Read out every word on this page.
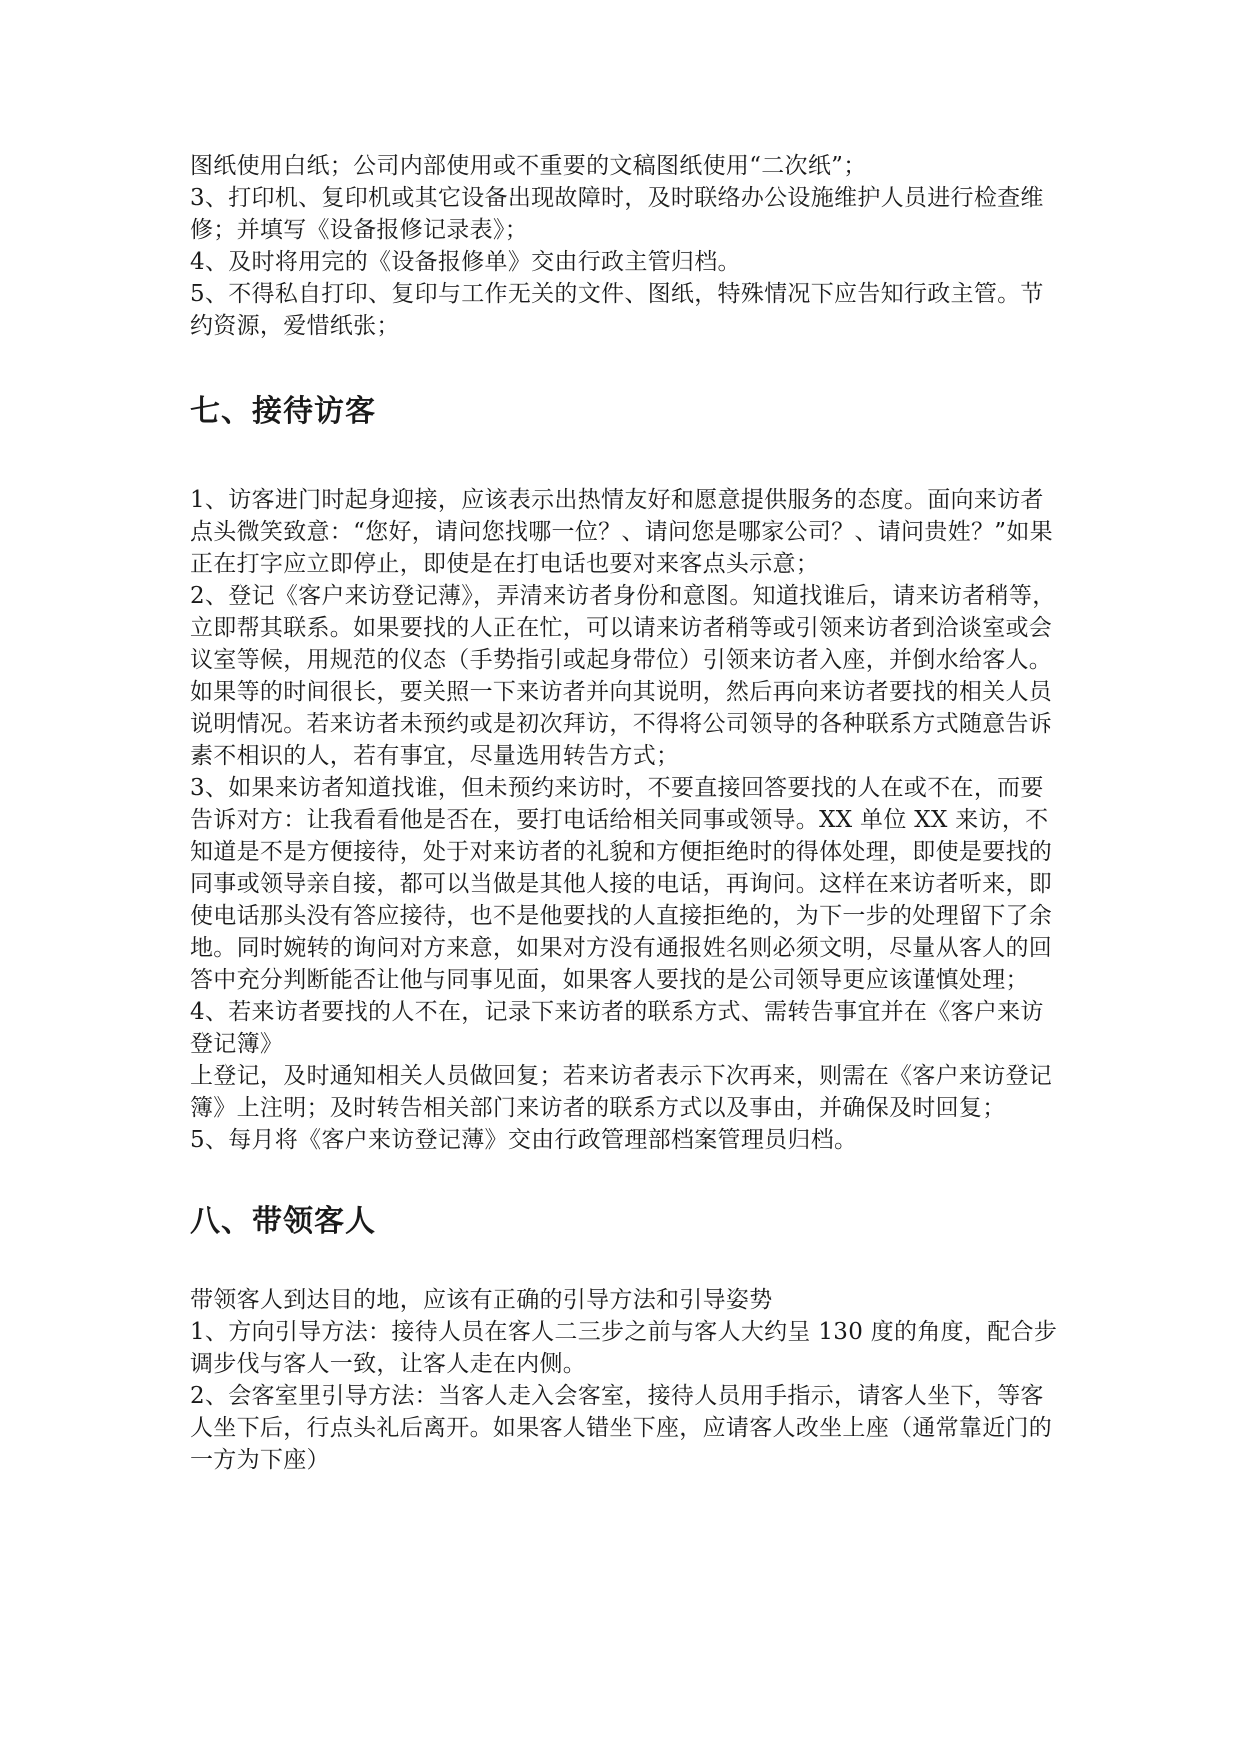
图纸使用白纸；公司内部使用或不重要的文稿图纸使用“二次纸”；

3、打印机、复印机或其它设备出现故障时，及时联络办公设施维护人员进行检查维修；并填写《设备报修记录表》；

4、及时将用完的《设备报修单》交由行政主管归档。

5、不得私自打印、复印与工作无关的文件、图纸，特殊情况下应告知行政主管。节约资源，爱惜纸张；

七、接待访客

1、访客进门时起身迎接，应该表示出热情友好和愿意提供服务的态度。面向来访者点头微笑致意：“您好，请问您找哪一位？、请问您是哪家公司？、请问贵姓？”如果正在打字应立即停止，即使是在打电话也要对来客点头示意；

2、登记《客户来访登记薄》，弄清来访者身份和意图。知道找谁后，请来访者稍等，立即帮其联系。如果要找的人正在忙，可以请来访者稍等或引领来访者到洽谈室或会议室等候，用规范的仪态（手势指引或起身带位）引领来访者入座，并倒水给客人。如果等的时间很长，要关照一下来访者并向其说明，然后再向来访者要找的相关人员说明情况。若来访者未预约或是初次拜访，不得将公司领导的各种联系方式随意告诉素不相识的人，若有事宜，尽量选用转告方式；

3、如果来访者知道找谁，但未预约来访时，不要直接回答要找的人在或不在，而要告诉对方：让我看看他是否在，要打电话给相关同事或领导。XX 单位 XX 来访，不知道是不是方便接待，处于对来访者的礼貌和方便拒绝时的得体处理，即使是要找的同事或领导亲自接，都可以当做是其他人接的电话，再询问。这样在来访者听来，即使电话那头没有答应接待，也不是他要找的人直接拒绝的，为下一步的处理留下了余地。同时婉转的询问对方来意，如果对方没有通报姓名则必须文明，尽量从客人的回答中充分判断能否让他与同事见面，如果客人要找的是公司领导更应该谨慎处理；

4、若来访者要找的人不在，记录下来访者的联系方式、需转告事宜并在《客户来访登记簿》

上登记，及时通知相关人员做回复；若来访者表示下次再来，则需在《客户来访登记簿》上注明；及时转告相关部门来访者的联系方式以及事由，并确保及时回复；

5、每月将《客户来访登记薄》交由行政管理部档案管理员归档。

八、带领客人

带领客人到达目的地，应该有正确的引导方法和引导姿势

1、方向引导方法：接待人员在客人二三步之前与客人大约呈 130 度的角度，配合步调步伐与客人一致，让客人走在内侧。

2、会客室里引导方法：当客人走入会客室，接待人员用手指示，请客人坐下，等客人坐下后，行点头礼后离开。如果客人错坐下座，应请客人改坐上座（通常靠近门的一方为下座）
